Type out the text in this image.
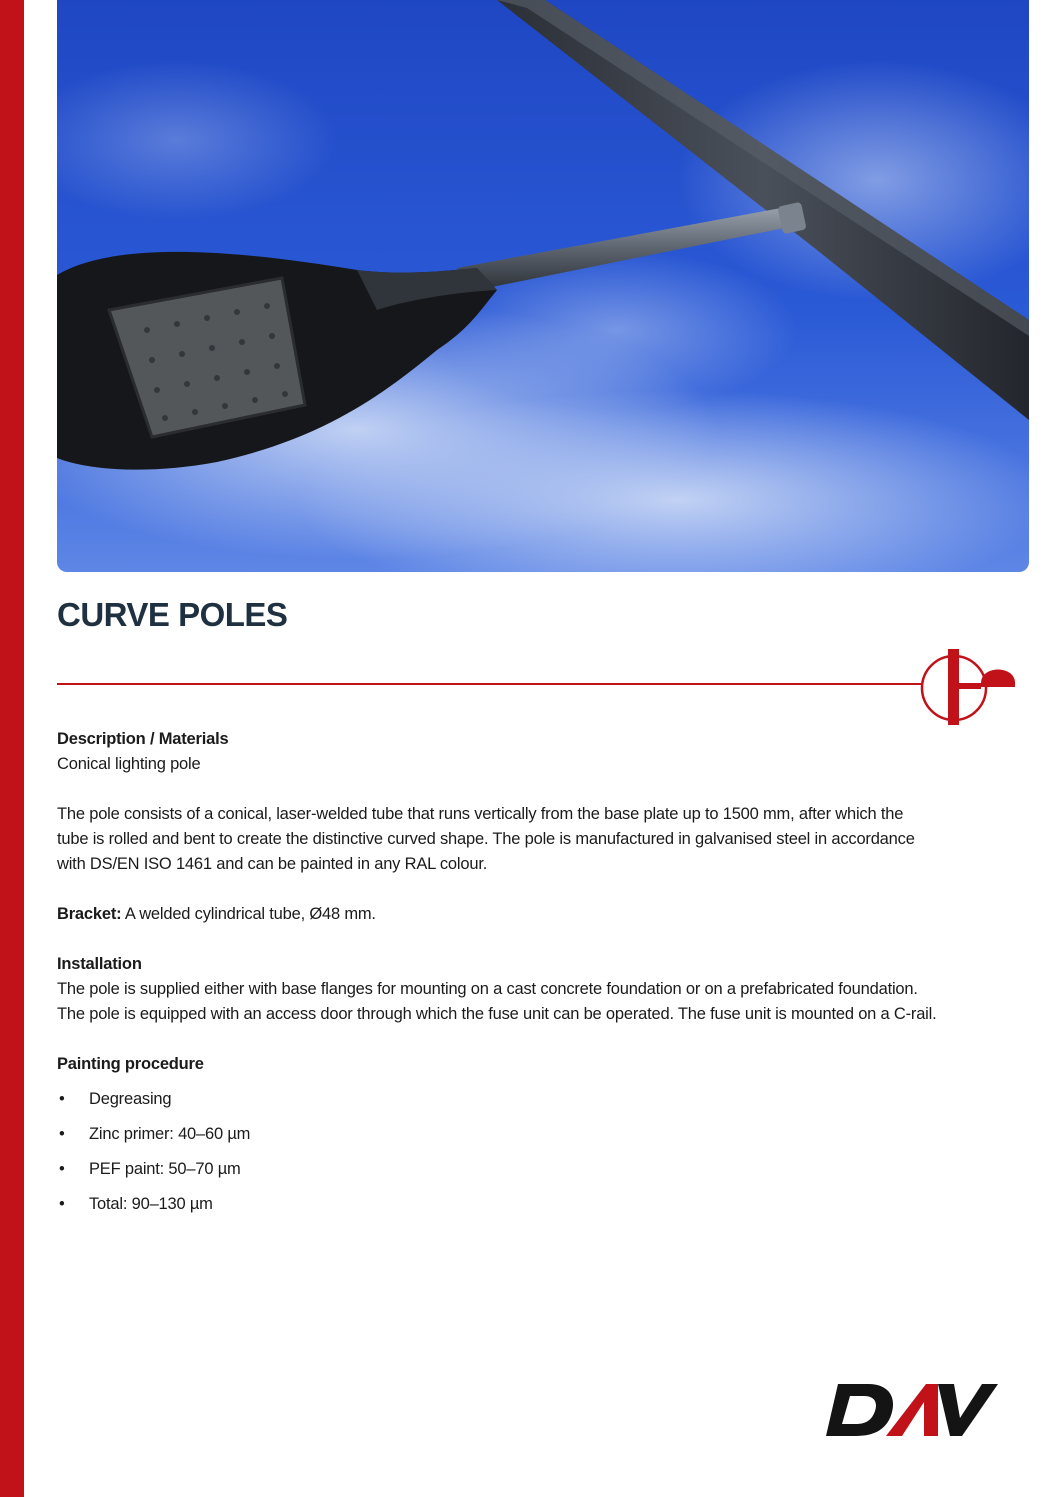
CURVE POLES

Description / Materials

Conical lighting pole

The pole consists of a conical, laser-welded tube that runs vertically from the base plate up to 1500 mm, after which the tube is rolled and bent to create the distinctive curved shape. The pole is manufactured in galvanised steel in accordance with DS/EN ISO 1461 and can be painted in any RAL colour.

Bracket: A welded cylindrical tube, Ø48 mm.

Installation

The pole is supplied either with base flanges for mounting on a cast concrete foundation or on a prefabricated foundation. The pole is equipped with an access door through which the fuse unit can be operated. The fuse unit is mounted on a C-rail.

Painting procedure

• Degreasing
• Zinc primer: 40–60 µm
• PEF paint: 50–70 µm
• Total: 90–130 µm
